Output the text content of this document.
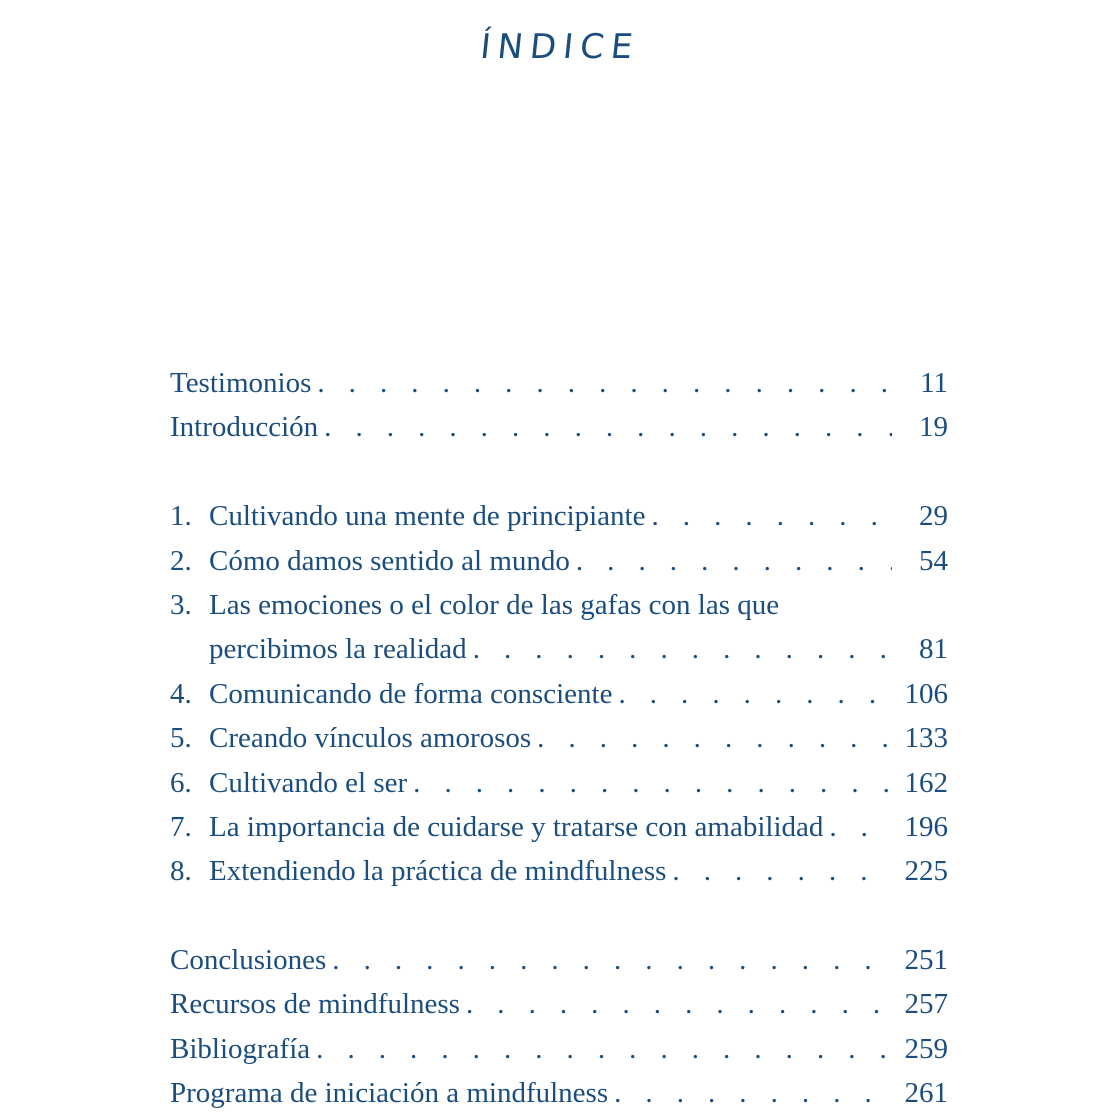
ÍNDICE
Testimonios . . .	11
Introducción . . .	19
1. Cultivando una mente de principiante . . .	29
2. Cómo damos sentido al mundo . . .	54
3. Las emociones o el color de las gafas con las que
percibimos la realidad . . .	81
4. Comunicando de forma consciente . . .	106
5. Creando vínculos amorosos . . .	133
6. Cultivando el ser . . .	162
7. La importancia de cuidarse y tratarse con amabilidad . . .	196
8. Extendiendo la práctica de mindfulness . . .	225
Conclusiones . . .	251
Recursos de mindfulness . . .	257
Bibliografía . . .	259
Programa de iniciación a mindfulness . . .	261
